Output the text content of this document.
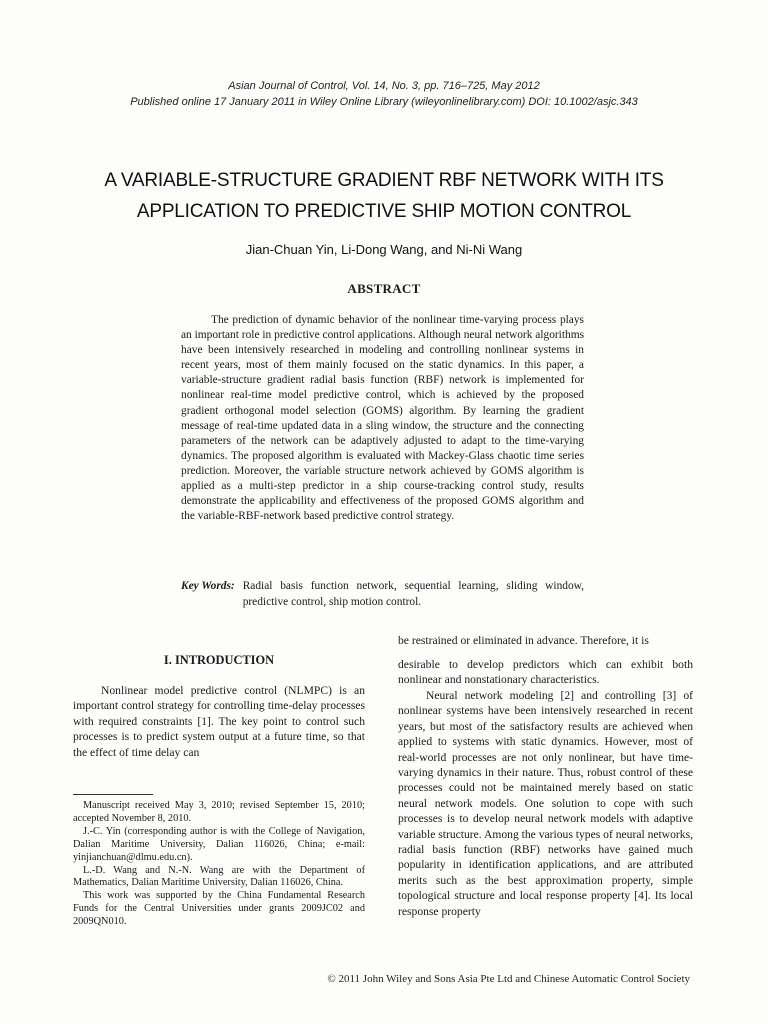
Asian Journal of Control, Vol. 14, No. 3, pp. 716–725, May 2012
Published online 17 January 2011 in Wiley Online Library (wileyonlinelibrary.com) DOI: 10.1002/asjc.343
A VARIABLE-STRUCTURE GRADIENT RBF NETWORK WITH ITS
APPLICATION TO PREDICTIVE SHIP MOTION CONTROL
Jian-Chuan Yin, Li-Dong Wang, and Ni-Ni Wang
ABSTRACT

The prediction of dynamic behavior of the nonlinear time-varying process plays an important role in predictive control applications. Although neural network algorithms have been intensively researched in modeling and controlling nonlinear systems in recent years, most of them mainly focused on the static dynamics. In this paper, a variable-structure gradient radial basis function (RBF) network is implemented for nonlinear real-time model predictive control, which is achieved by the proposed gradient orthogonal model selection (GOMS) algorithm. By learning the gradient message of real-time updated data in a sling window, the structure and the connecting parameters of the network can be adaptively adjusted to adapt to the time-varying dynamics. The proposed algorithm is evaluated with Mackey-Glass chaotic time series prediction. Moreover, the variable structure network achieved by GOMS algorithm is applied as a multi-step predictor in a ship course-tracking control study, results demonstrate the applicability and effectiveness of the proposed GOMS algorithm and the variable-RBF-network based predictive control strategy.

Key Words: Radial basis function network, sequential learning, sliding window, predictive control, ship motion control.
I. INTRODUCTION

Nonlinear model predictive control (NLMPC) is an important control strategy for controlling time-delay processes with required constraints [1]. The key point to control such processes is to predict system output at a future time, so that the effect of time delay can

Manuscript received May 3, 2010; revised September 15, 2010; accepted November 8, 2010.

J.-C. Yin (corresponding author is with the College of Navigation, Dalian Maritime University, Dalian 116026, China; e-mail: yinjianchuan@dlmu.edu.cn).

L.-D. Wang and N.-N. Wang are with the Department of Mathematics, Dalian Maritime University, Dalian 116026, China.

This work was supported by the China Fundamental Research Funds for the Central Universities under grants 2009JC02 and 2009QN010.

be restrained or eliminated in advance. Therefore, it is

desirable to develop predictors which can exhibit both nonlinear and nonstationary characteristics.

Neural network modeling [2] and controlling [3] of nonlinear systems have been intensively researched in recent years, but most of the satisfactory results are achieved when applied to systems with static dynamics. However, most of real-world processes are not only nonlinear, but have time-varying dynamics in their nature. Thus, robust control of these processes could not be maintained merely based on static neural network models. One solution to cope with such processes is to develop neural network models with adaptive variable structure. Among the various types of neural networks, radial basis function (RBF) networks have gained much popularity in identification applications, and are attributed merits such as the best approximation property, simple topological structure and local response property [4]. Its local response property

© 2011 John Wiley and Sons Asia Pte Ltd and Chinese Automatic Control Society
